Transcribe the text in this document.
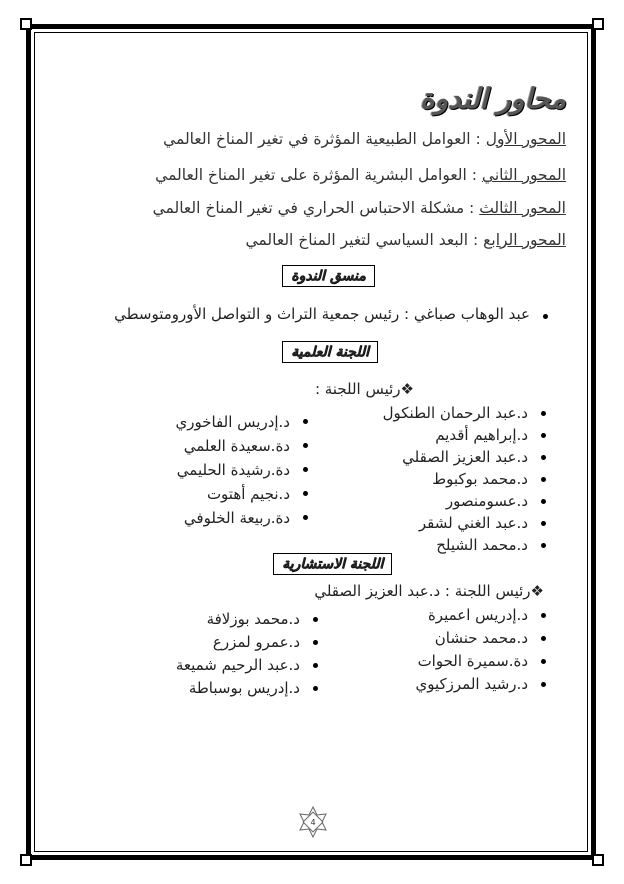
محاور الندوة
المحور الأول : العوامل الطبيعية المؤثرة في تغير المناخ العالمي
المحور الثاني : العوامل البشرية المؤثرة على تغير المناخ العالمي
المحور الثالث : مشكلة الاحتباس الحراري في تغير المناخ العالمي
المحور الرابع : البعد السياسي لتغير المناخ العالمي
منسق الندوة
عبد الوهاب صباغي : رئيس جمعية التراث و التواصل الأورومتوسطي
اللجنة العلمية
❖رئيس اللجنة :
د.عبد الرحمان الطنكول
د.إبراهيم أقديم
د.عبد العزيز الصقلي
د.محمد بوكبوط
د.عسومنصور
د.عبد الغني لشقر
د.محمد الشيلح
د.إدريس الفاخوري
دة.سعيدة العلمي
دة.رشيدة الحليمي
د.نجيم أهتوت
دة.ربيعة الخلوفي
اللجنة الاستشارية
❖رئيس اللجنة : د.عبد العزيز الصقلي
د.إدريس اعميرة
د.محمد حنشان
دة.سميرة الحوات
د.رشيد المرزكيوي
د.محمد بوزلافة
د.عمرو لمزرع
د.عبد الرحيم شميعة
د.إدريس بوسباطة
4
